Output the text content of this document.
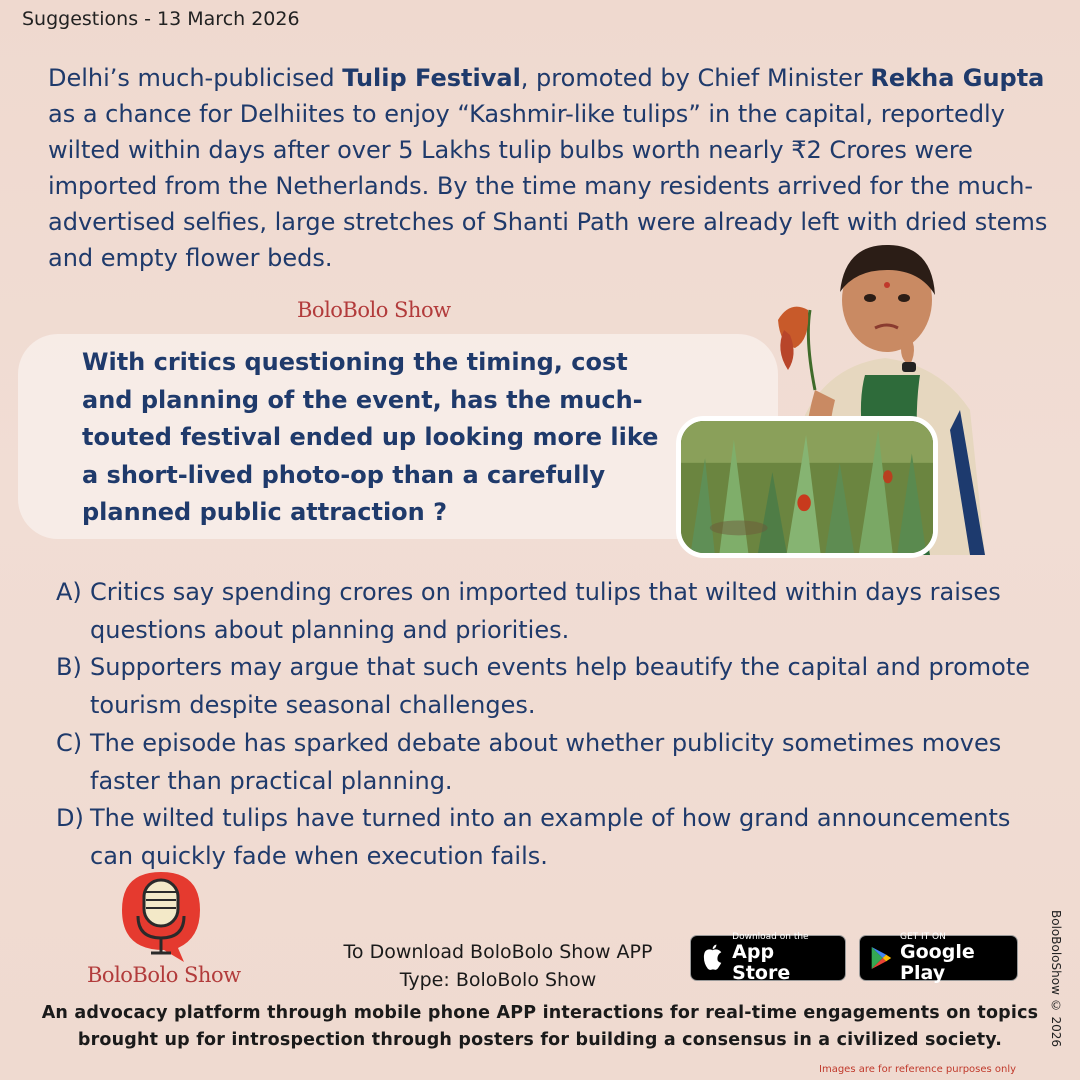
Suggestions - 13 March 2026
Delhi’s much-publicised Tulip Festival, promoted by Chief Minister Rekha Gupta as a chance for Delhiites to enjoy “Kashmir-like tulips” in the capital, reportedly wilted within days after over 5 Lakhs tulip bulbs worth nearly ₹2 Crores were imported from the Netherlands. By the time many residents arrived for the much-advertised selfies, large stretches of Shanti Path were already left with dried stems and empty flower beds.
BoloBolo Show
With critics questioning the timing, cost and planning of the event, has the much-touted festival ended up looking more like a short-lived photo-op than a carefully planned public attraction ?
A) Critics say spending crores on imported tulips that wilted within days raises questions about planning and priorities.
B) Supporters may argue that such events help beautify the capital and promote tourism despite seasonal challenges.
C) The episode has sparked debate about whether publicity sometimes moves faster than practical planning.
D) The wilted tulips have turned into an example of how grand announcements can quickly fade when execution fails.
BoloBolo Show
To Download BoloBolo Show APP
Type: BoloBolo Show
Download on the
App Store
GET IT ON
Google Play
An advocacy platform through mobile phone APP interactions for real-time engagements on topics brought up for introspection through posters for building a consensus in a civilized society.
Images are for reference purposes only
BoloBoloShow © 2026
